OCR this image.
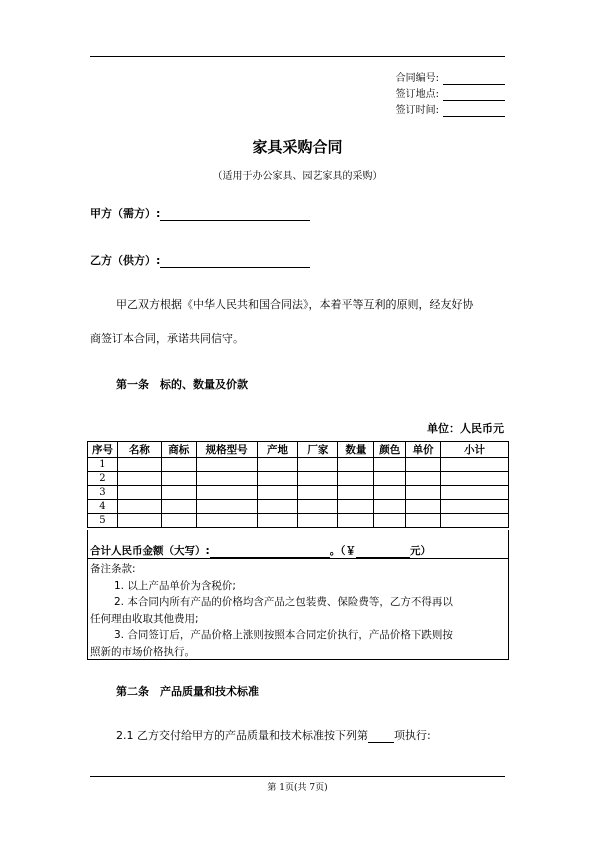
合同编号:
签订地点:
签订时间:
家具采购合同
（适用于办公家具、园艺家具的采购）
甲方（需方）:
乙方（供方）:
甲乙双方根据《中华人民共和国合同法》，本着平等互利的原则，经友好协
商签订本合同，承诺共同信守。
第一条　标的、数量及价款
单位：人民币元
序号	名称	商标	规格型号	产地	厂家	数量	颜色	单价	小计
1									
2									
3									
4									
5									
合计人民币金额（大写）:	。（￥	元）
备注条款:
1. 以上产品单价为含税价;
2. 本合同内所有产品的价格均含产品之包装费、保险费等，乙方不得再以
任何理由收取其他费用;
3. 合同签订后，产品价格上涨则按照本合同定价执行，产品价格下跌则按
照新的市场价格执行。
第二条　产品质量和技术标准
2.1 乙方交付给甲方的产品质量和技术标准按下列第 项执行:
第 1页(共 7页)
